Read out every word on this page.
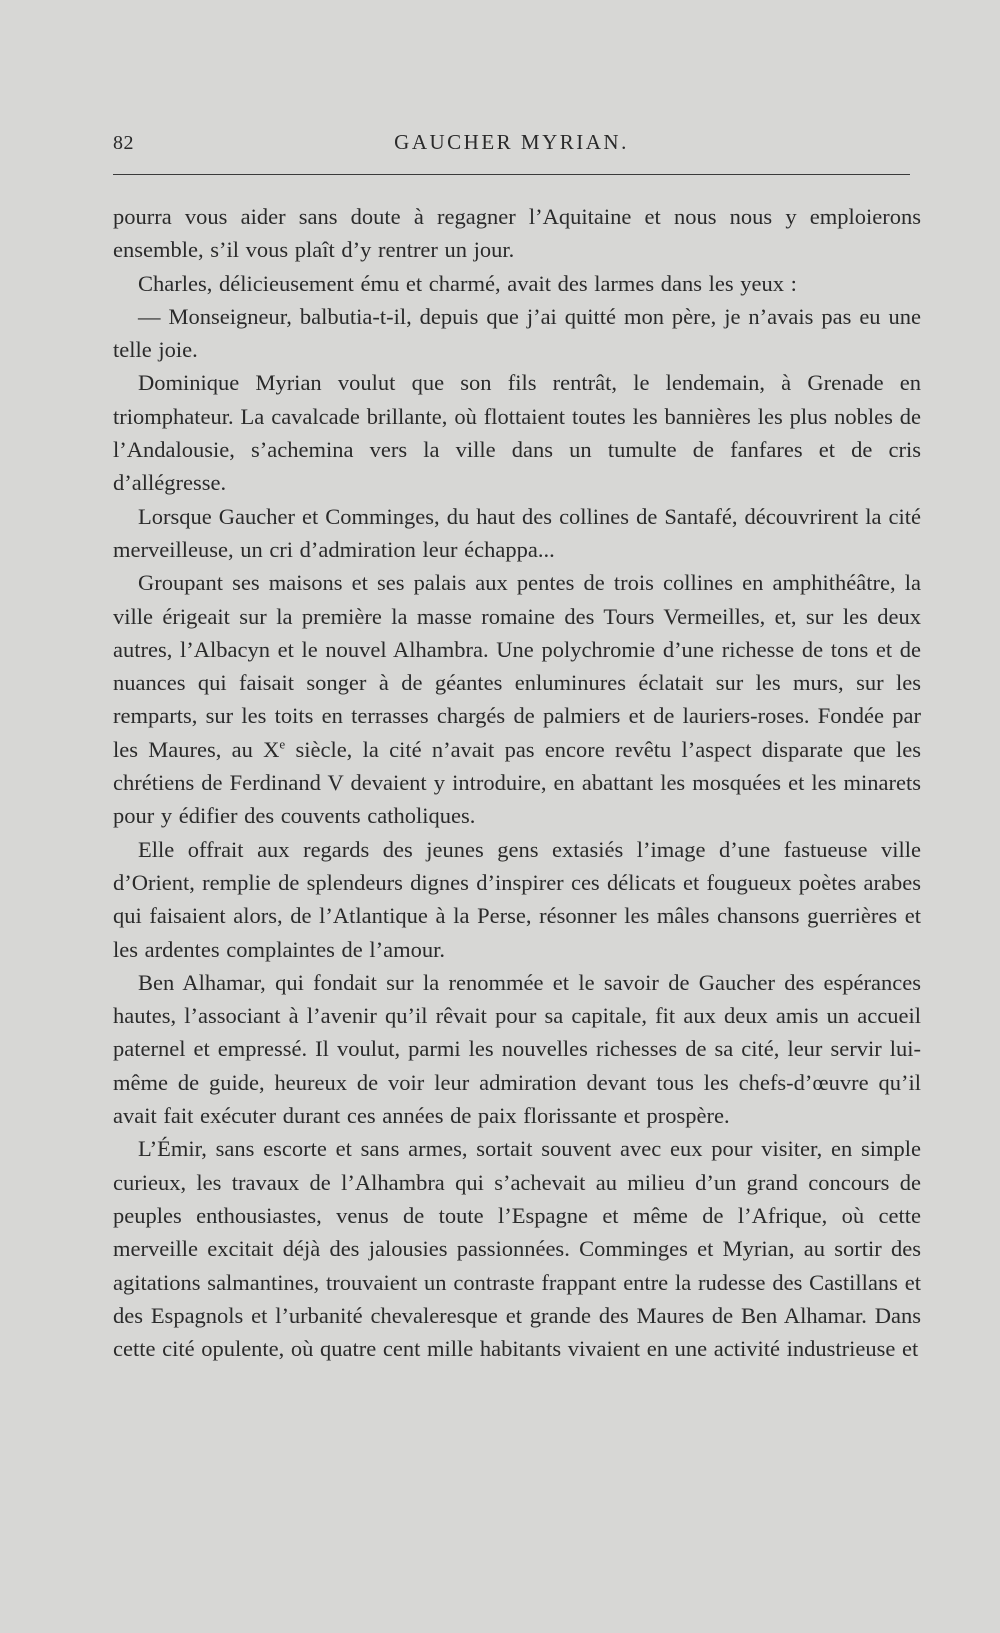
82	GAUCHER MYRIAN.

pourra vous aider sans doute à regagner l’Aquitaine et nous nous y emploierons ensemble, s’il vous plaît d’y rentrer un jour.

Charles, délicieusement ému et charmé, avait des larmes dans les yeux :

— Monseigneur, balbutia-t-il, depuis que j’ai quitté mon père, je n’avais pas eu une telle joie.

Dominique Myrian voulut que son fils rentrât, le lendemain, à Grenade en triomphateur. La cavalcade brillante, où flottaient toutes les bannières les plus nobles de l’Andalousie, s’achemina vers la ville dans un tumulte de fanfares et de cris d’allégresse.

Lorsque Gaucher et Comminges, du haut des collines de Santafé, découvrirent la cité merveilleuse, un cri d’admiration leur échappa...

Groupant ses maisons et ses palais aux pentes de trois collines en amphithéâtre, la ville érigeait sur la première la masse romaine des Tours Vermeilles, et, sur les deux autres, l’Albacyn et le nouvel Alhambra. Une polychromie d’une richesse de tons et de nuances qui faisait songer à de géantes enluminures éclatait sur les murs, sur les remparts, sur les toits en terrasses chargés de palmiers et de lauriers-roses. Fondée par les Maures, au Xe siècle, la cité n’avait pas encore revêtu l’aspect disparate que les chrétiens de Ferdinand V devaient y introduire, en abattant les mosquées et les minarets pour y édifier des couvents catholiques.

Elle offrait aux regards des jeunes gens extasiés l’image d’une fastueuse ville d’Orient, remplie de splendeurs dignes d’inspirer ces délicats et fougueux poètes arabes qui faisaient alors, de l’Atlantique à la Perse, résonner les mâles chansons guerrières et les ardentes complaintes de l’amour.

Ben Alhamar, qui fondait sur la renommée et le savoir de Gaucher des espérances hautes, l’associant à l’avenir qu’il rêvait pour sa capitale, fit aux deux amis un accueil paternel et empressé. Il voulut, parmi les nouvelles richesses de sa cité, leur servir lui-même de guide, heureux de voir leur admiration devant tous les chefs-d’œuvre qu’il avait fait exécuter durant ces années de paix florissante et prospère.

L’Émir, sans escorte et sans armes, sortait souvent avec eux pour visiter, en simple curieux, les travaux de l’Alhambra qui s’achevait au milieu d’un grand concours de peuples enthousiastes, venus de toute l’Espagne et même de l’Afrique, où cette merveille excitait déjà des jalousies passionnées. Comminges et Myrian, au sortir des agitations salmantines, trouvaient un contraste frappant entre la rudesse des Castillans et des Espagnols et l’urbanité chevaleresque et grande des Maures de Ben Alhamar. Dans cette cité opulente, où quatre cent mille habitants vivaient en une activité industrieuse et
